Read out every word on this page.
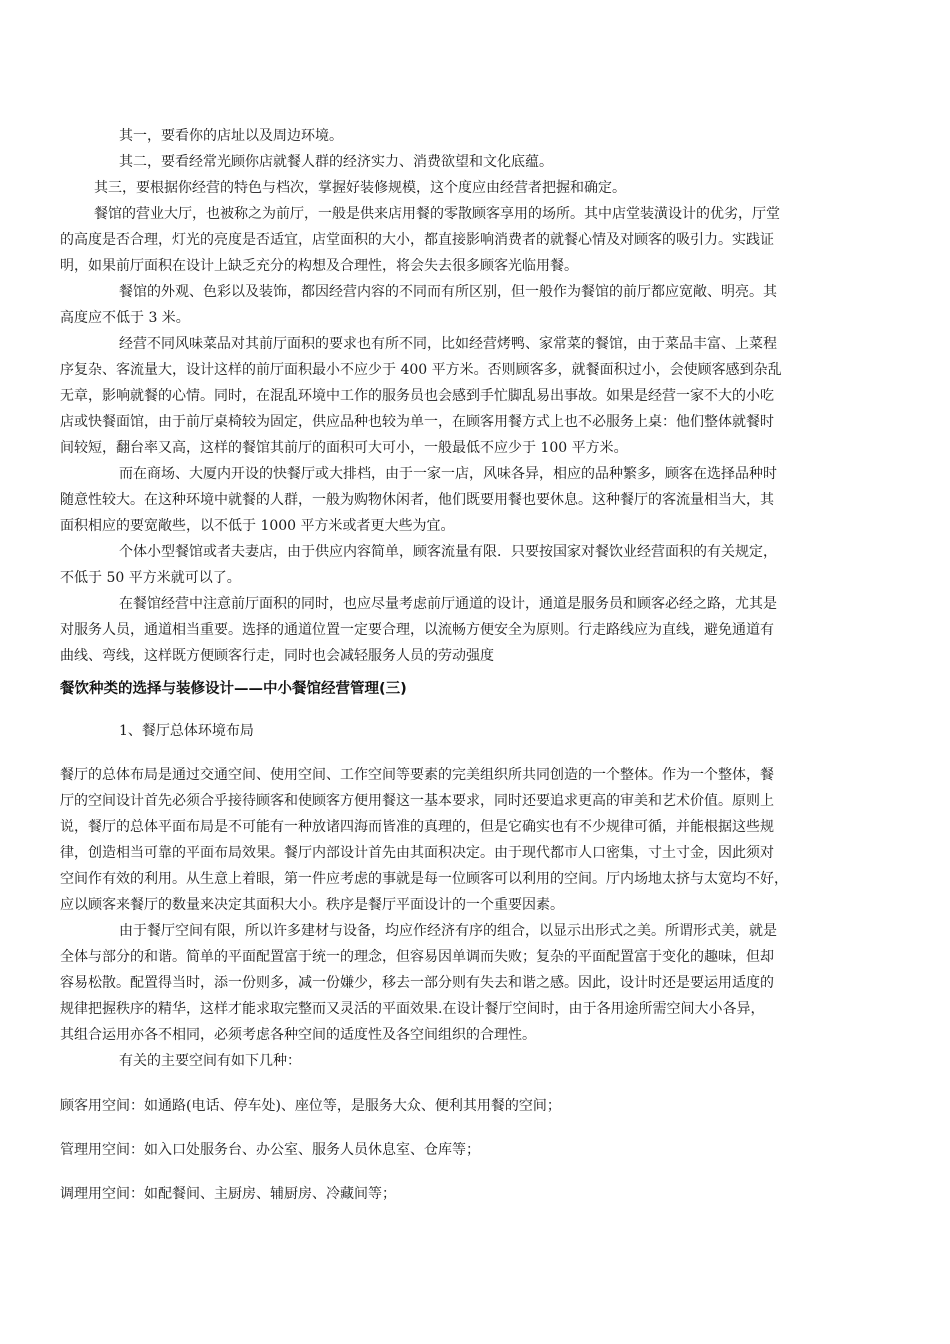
其一，要看你的店址以及周边环境。
其二，要看经常光顾你店就餐人群的经济实力、消费欲望和文化底蕴。
其三，要根据你经营的特色与档次，掌握好装修规模，这个度应由经营者把握和确定。
餐馆的营业大厅，也被称之为前厅，一般是供来店用餐的零散顾客享用的场所。其中店堂装潢设计的优劣，厅堂
的高度是否合理，灯光的亮度是否适宜，店堂面积的大小，都直接影响消费者的就餐心情及对顾客的吸引力。实践证
明，如果前厅面积在设计上缺乏充分的构想及合理性，将会失去很多顾客光临用餐。
餐馆的外观、色彩以及装饰，都因经营内容的不同而有所区别，但一般作为餐馆的前厅都应宽敞、明亮。其
高度应不低于 3 米。
经营不同风味菜品对其前厅面积的要求也有所不同，比如经营烤鸭、家常菜的餐馆，由于菜品丰富、上菜程
序复杂、客流量大，设计这样的前厅面积最小不应少于 400 平方米。否则顾客多，就餐面积过小，会使顾客感到杂乱
无章，影响就餐的心情。同时，在混乱环境中工作的服务员也会感到手忙脚乱易出事故。如果是经营一家不大的小吃
店或快餐面馆，由于前厅桌椅较为固定，供应品种也较为单一，在顾客用餐方式上也不必服务上桌：他们整体就餐时
间较短，翻台率又高，这样的餐馆其前厅的面积可大可小，一般最低不应少于 100 平方米。
而在商场、大厦内开设的快餐厅或大排档，由于一家一店，风味各异，相应的品种繁多，顾客在选择品种时
随意性较大。在这种环境中就餐的人群，一般为购物休闲者，他们既要用餐也要休息。这种餐厅的客流量相当大，其
面积相应的要宽敞些，以不低于 1000 平方米或者更大些为宜。
个体小型餐馆或者夫妻店，由于供应内容简单，顾客流量有限．只要按国家对餐饮业经营面积的有关规定，
不低于 50 平方米就可以了。
在餐馆经营中注意前厅面积的同时，也应尽量考虑前厅通道的设计，通道是服务员和顾客必经之路，尤其是
对服务人员，通道相当重要。选择的通道位置一定要合理，以流畅方便安全为原则。行走路线应为直线，避免通道有
曲线、弯线，这样既方便顾客行走，同时也会减轻服务人员的劳动强度
餐饮种类的选择与装修设计——中小餐馆经营管理(三)
1、餐厅总体环境布局
餐厅的总体布局是通过交通空间、使用空间、工作空间等要素的完美组织所共同创造的一个整体。作为一个整体，餐
厅的空间设计首先必须合乎接待顾客和使顾客方便用餐这一基本要求，同时还要追求更高的审美和艺术价值。原则上
说，餐厅的总体平面布局是不可能有一种放诸四海而皆准的真理的，但是它确实也有不少规律可循，并能根据这些规
律，创造相当可靠的平面布局效果。餐厅内部设计首先由其面积决定。由于现代都市人口密集，寸土寸金，因此须对
空间作有效的利用。从生意上着眼，第一件应考虑的事就是每一位顾客可以利用的空间。厅内场地太挤与太宽均不好，
应以顾客来餐厅的数量来决定其面积大小。秩序是餐厅平面设计的一个重要因素。
由于餐厅空间有限，所以许多建材与设备，均应作经济有序的组合，以显示出形式之美。所谓形式美，就是
全体与部分的和谐。简单的平面配置富于统一的理念，但容易因单调而失败；复杂的平面配置富于变化的趣味，但却
容易松散。配置得当时，添一份则多，减一份嫌少，移去一部分则有失去和谐之感。因此，设计时还是要运用适度的
规律把握秩序的精华，这样才能求取完整而又灵活的平面效果.在设计餐厅空间时，由于各用途所需空间大小各异，
其组合运用亦各不相同，必须考虑各种空间的适度性及各空间组织的合理性。
有关的主要空间有如下几种：
顾客用空间：如通路(电话、停车处)、座位等，是服务大众、便利其用餐的空间；
管理用空间：如入口处服务台、办公室、服务人员休息室、仓库等；
调理用空间：如配餐间、主厨房、辅厨房、冷藏间等；
